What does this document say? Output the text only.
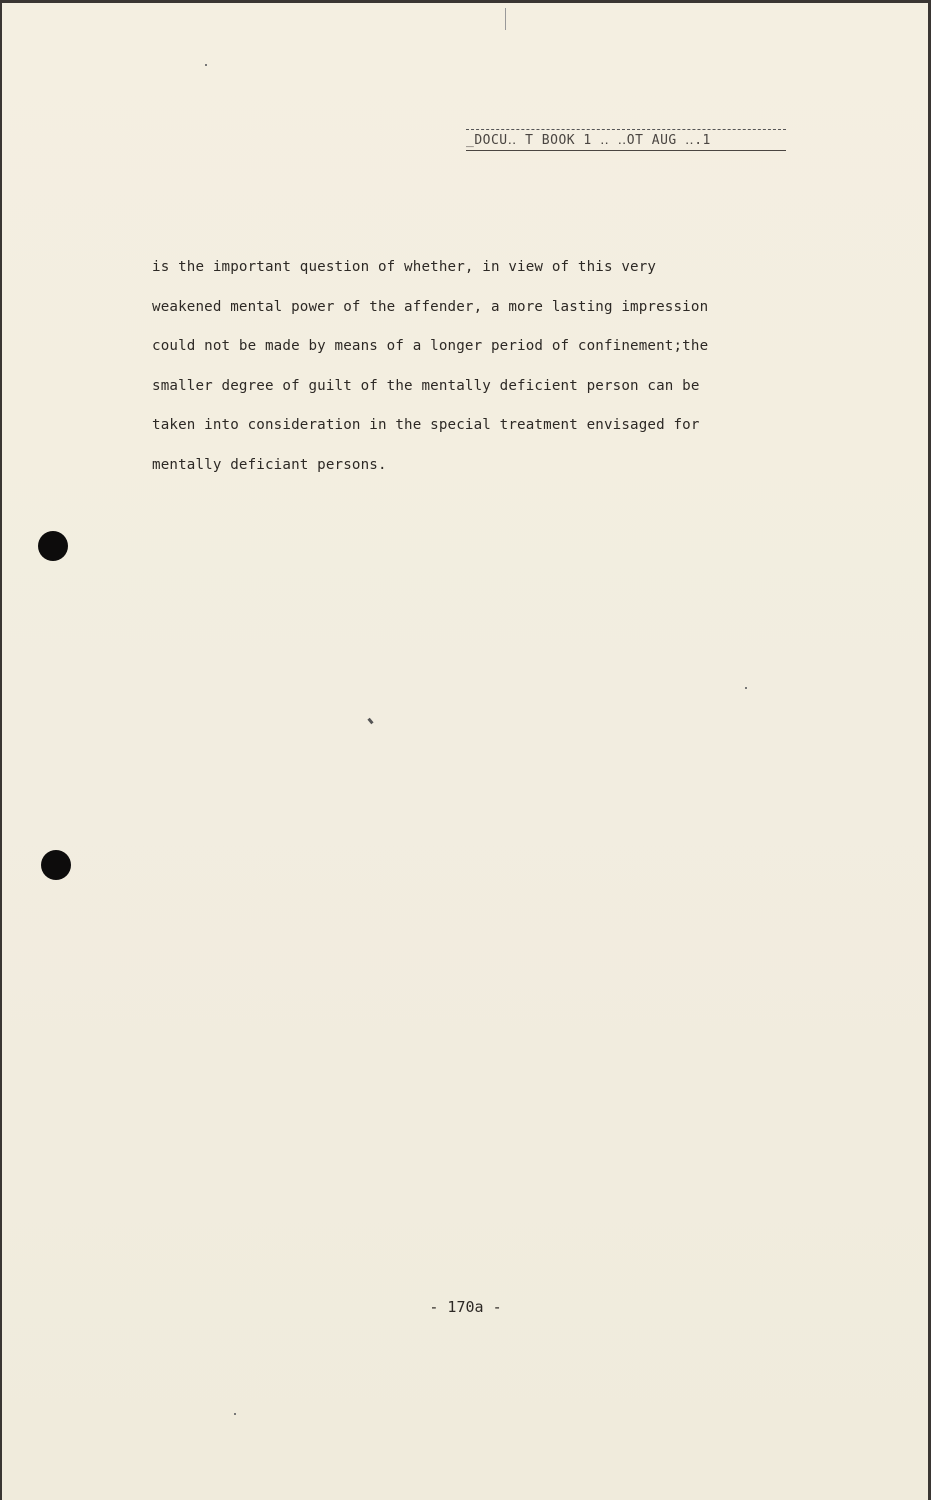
_DOCU‥ T BOOK 1 ‥ ‥OT AUG ‥.1
is the important question of whether, in view of this very
weakened mental power of the affender, a more lasting impression
could not be made by means of a longer period of confinement;the
smaller degree of guilt of the mentally deficient person can be
taken into consideration in the special treatment envisaged for
mentally deficiant persons.
- 170a -
